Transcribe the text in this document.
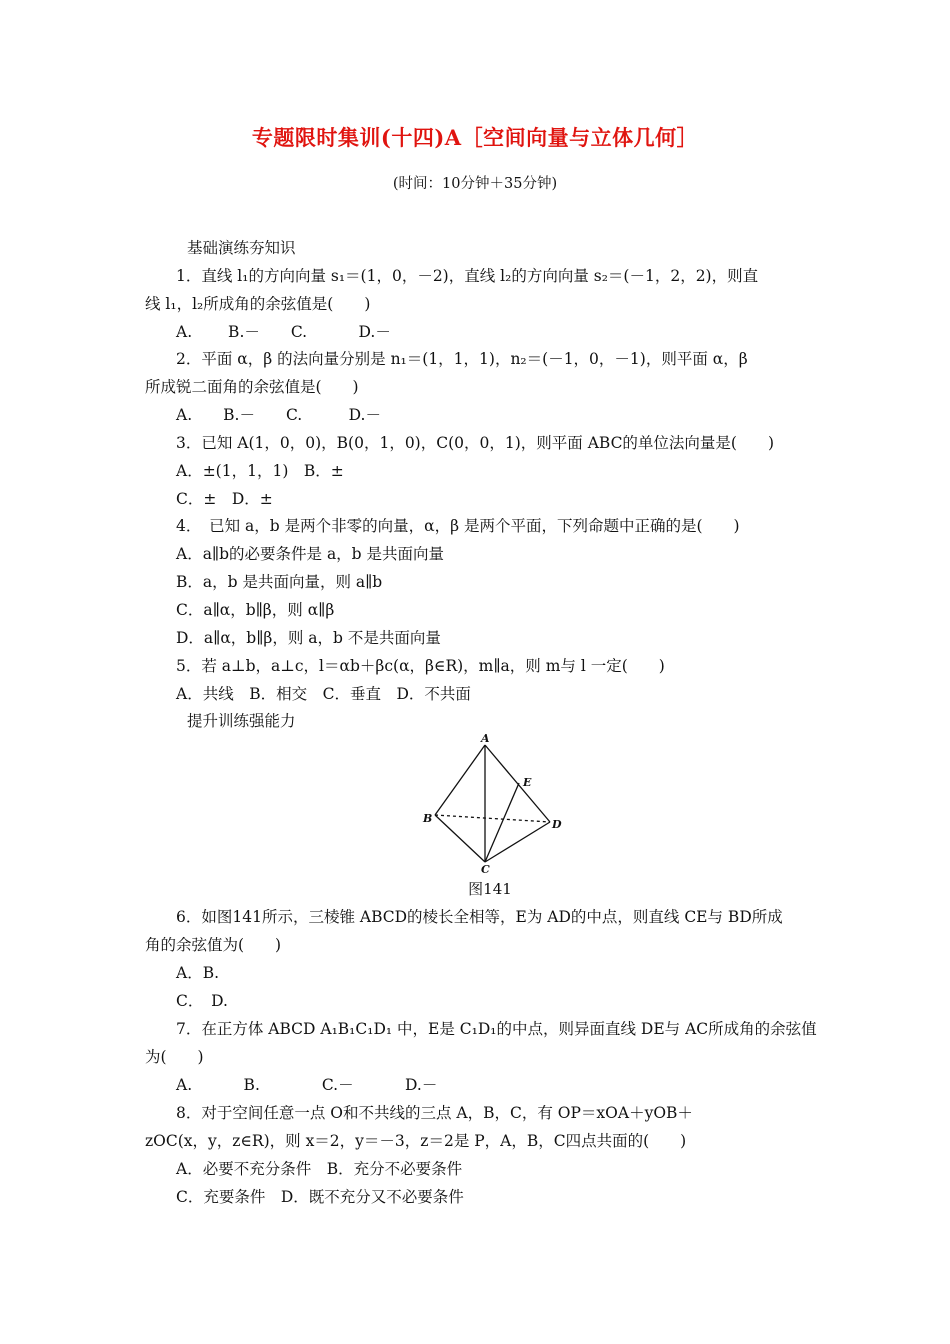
专题限时集训(十四)A［空间向量与立体几何］
(时间：10分钟＋35分钟)
基础演练夯知识
1．直线 l₁的方向向量 s₁＝(1，0，－2)，直线 l₂的方向向量 s₂＝(－1，2，2)，则直
线 l₁，l₂所成角的余弦值是(　　)
A.　　 B.－　　C.　　　 D.－
2．平面 α，β 的法向量分别是 n₁＝(1，1，1)，n₂＝(－1，0，－1)，则平面 α，β
所成锐二面角的余弦值是(　　)
A.　　B.－　　C.　　　D.－
3．已知 A(1，0，0)，B(0，1，0)，C(0，0，1)，则平面 ABC的单位法向量是(　　)
A．±(1，1，1)　B．±
C．±　D．±
4．　已知 a，b 是两个非零的向量，α，β 是两个平面，下列命题中正确的是(　　)
A．a∥b的必要条件是 a，b 是共面向量
B．a，b 是共面向量，则 a∥b
C．a∥α，b∥β，则 α∥β
D．a∥α，b∥β，则 a，b 不是共面向量
5．若 a⊥b，a⊥c，l＝αb＋βc(α，β∈R)，m∥a，则 m与 l 一定(　　)
A．共线　B．相交　C．垂直　D．不共面
提升训练强能力
A
B
C
D
E
图141
6．如图141所示，三棱锥 ABCD的棱长全相等，E为 AD的中点，则直线 CE与 BD所成
角的余弦值为(　　)
A．B.
C．　D.
7．在正方体 ABCD A₁B₁C₁D₁ 中，E是 C₁D₁的中点，则异面直线 DE与 AC所成角的余弦值
为(　　)
A.　　　 B.　　　　C.－　　　 D.－
8．对于空间任意一点 O和不共线的三点 A，B，C，有 OP＝xOA＋yOB＋
zOC(x，y，z∈R)，则 x＝2，y＝－3，z＝2是 P，A，B，C四点共面的(　　)
A．必要不充分条件　B．充分不必要条件
C．充要条件　D．既不充分又不必要条件
